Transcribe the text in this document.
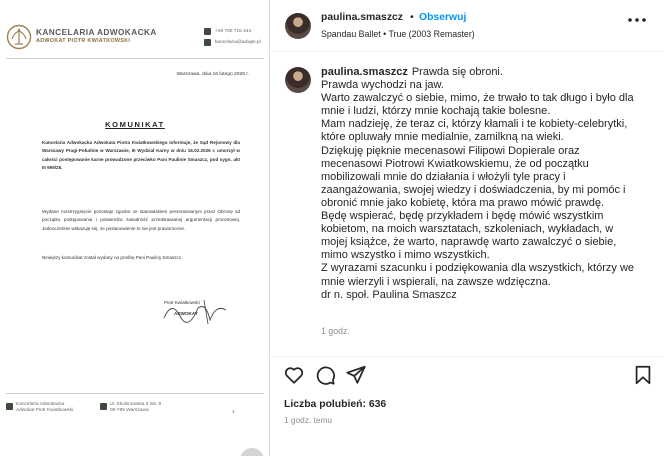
KANCELARIA ADWOKACKA
ADWOKAT PIOTR KWIATKOWSKI
+48 790 715 444
kancelaria@adwpk.pl
Warszawa, dnia 16 lutego 2026 r.
KOMUNIKAT
Kancelaria Adwokacka Adwokata Piotra Kwiatkowskiego informuje, że Sąd Rejonowy dla Warszawy Pragi-Południe w Warszawie, III Wydział Karny w dniu 16.02.2026 r. umorzył w całości postępowanie karne prowadzone przeciwko Pani Paulinie Smaszcz, pod sygn. akt III 699/25.
Wydane rozstrzygnięcie pozostaje zgodne ze stanowiskiem prezentowanym przez Obronę od początku postępowania i potwierdza zasadność przedstawianej argumentacji procesowej. Jednocześnie wskazuję się, że postanowienie to nie jest prawomocne.
Niniejszy komunikat został wydany na prośbę Pani Pauliny Smaszcz.
Piotr Kwiatkowski
ADWOKAT
Kancelaria Adwokacka
Adwokat Piotr Kwiatkowski
ul. Skolimowska 3 lok. 9
00-795 Warszawa	1
paulina.smaszcz • Obserwuj
Spandau Ballet • True (2003 Remaster)
paulina.smaszcz Prawda się obroni.
Prawda wychodzi na jaw.
Warto zawalczyć o siebie, mimo, że trwało to tak długo i było dla
mnie i ludzi, którzy mnie kochają takie bolesne.
Mam nadzieję, że teraz ci, którzy kłamali i te kobiety-celebrytki,
które opluwały mnie medialnie, zamilkną na wieki.
Dziękuję pięknie mecenasowi Filipowi Dopierale oraz
mecenasowi Piotrowi Kwiatkowskiemu, że od początku
mobilizowali mnie do działania i włożyli tyle pracy i
zaangażowania, swojej wiedzy i doświadczenia, by mi pomóc i
obronić mnie jako kobietę, która ma prawo mówić prawdę.
Będę wspierać, będę przykładem i będę mówić wszystkim
kobietom, na moich warsztatach, szkoleniach, wykładach, w
mojej książce, że warto, naprawdę warto zawalczyć o siebie,
mimo wszystko i mimo wszystkich.
Z wyrazami szacunku i podziękowania dla wszystkich, którzy we
mnie wierzyli i wspierali, na zawsze wdzięczna.
dr n. społ. Paulina Smaszcz
1 godz.
Liczba polubień: 636
1 godz. temu
